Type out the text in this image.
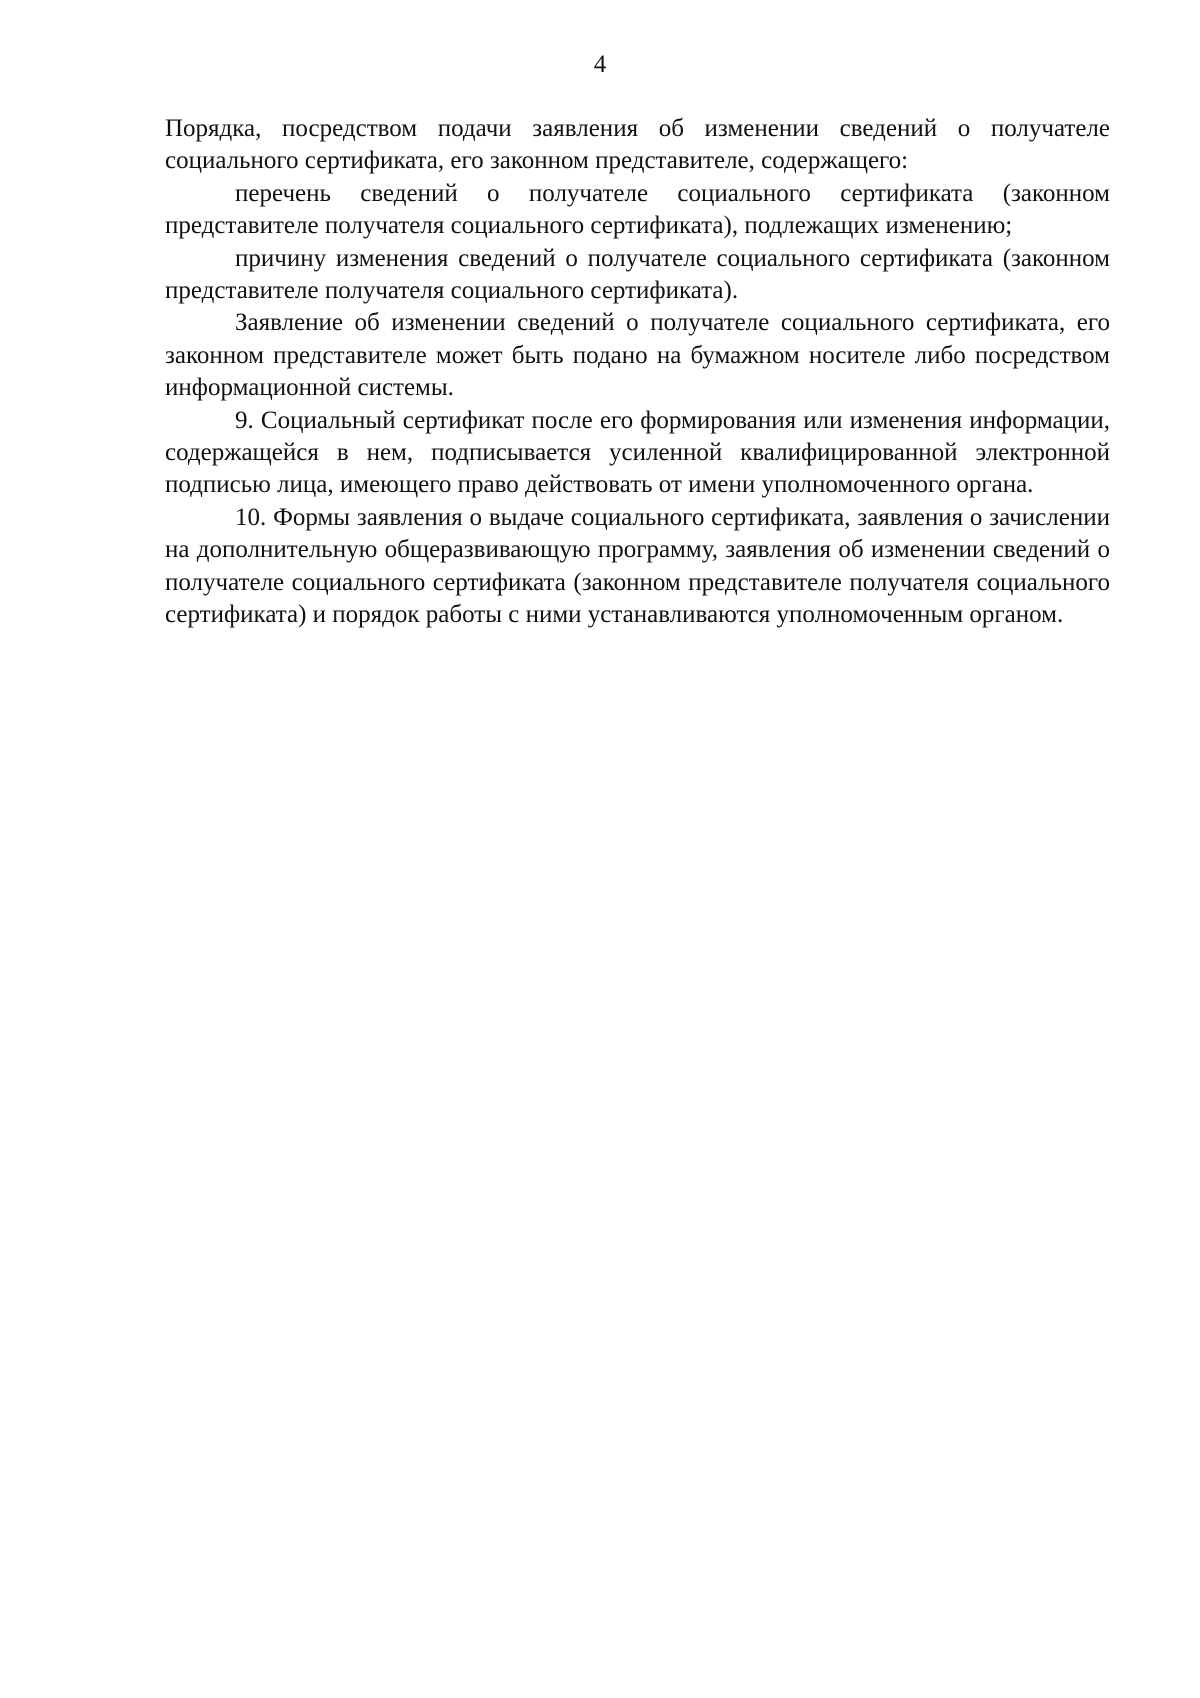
4

Порядка, посредством подачи заявления об изменении сведений о получателе социального сертификата, его законном представителе, содержащего:

перечень сведений о получателе социального сертификата (законном представителе получателя социального сертификата), подлежащих изменению;

причину изменения сведений о получателе социального сертификата (законном представителе получателя социального сертификата).

Заявление об изменении сведений о получателе социального сертификата, его законном представителе может быть подано на бумажном носителе либо посредством информационной системы.

9. Социальный сертификат после его формирования или изменения информации, содержащейся в нем, подписывается усиленной квалифицированной электронной подписью лица, имеющего право действовать от имени уполномоченного органа.

10. Формы заявления о выдаче социального сертификата, заявления о зачислении на дополнительную общеразвивающую программу, заявления об изменении сведений о получателе социального сертификата (законном представителе получателя социального сертификата) и порядок работы с ними устанавливаются уполномоченным органом.
